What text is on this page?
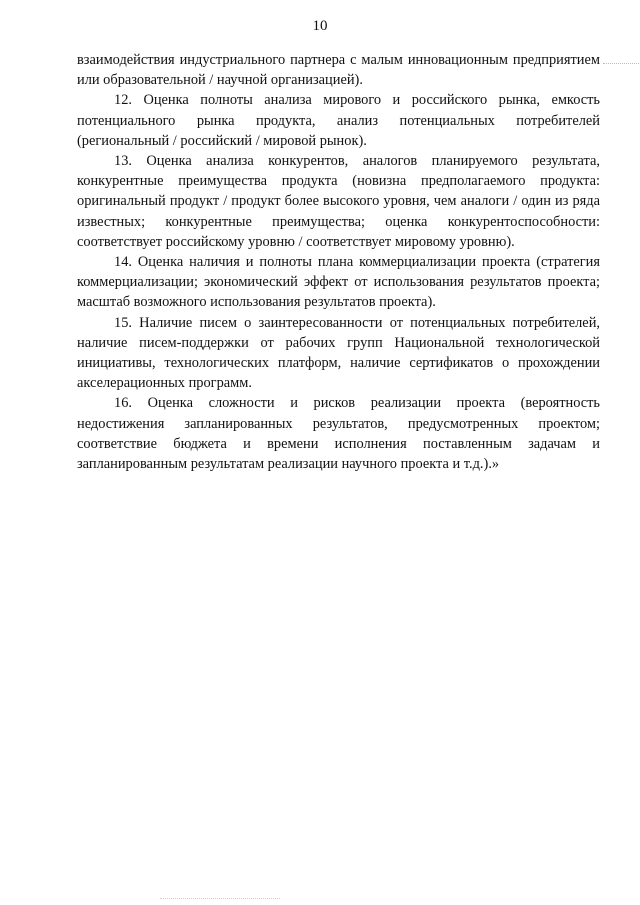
10

взаимодействия индустриального партнера с малым инновационным предприятием или образовательной / научной организацией).

12. Оценка полноты анализа мирового и российского рынка, емкость потенциального рынка продукта, анализ потенциальных потребителей (региональный / российский / мировой рынок).

13. Оценка анализа конкурентов, аналогов планируемого результата, конкурентные преимущества продукта (новизна предполагаемого продукта: оригинальный продукт / продукт более высокого уровня, чем аналоги / один из ряда известных; конкурентные преимущества; оценка конкурентоспособности: соответствует российскому уровню / соответствует мировому уровню).

14. Оценка наличия и полноты плана коммерциализации проекта (стратегия коммерциализации; экономический эффект от использования результатов проекта; масштаб возможного использования результатов проекта).

15. Наличие писем о заинтересованности от потенциальных потребителей, наличие писем-поддержки от рабочих групп Национальной технологической инициативы, технологических платформ, наличие сертификатов о прохождении акселерационных программ.

16. Оценка сложности и рисков реализации проекта (вероятность недостижения запланированных результатов, предусмотренных проектом; соответствие бюджета и времени исполнения поставленным задачам и запланированным результатам реализации научного проекта и т.д.).»
